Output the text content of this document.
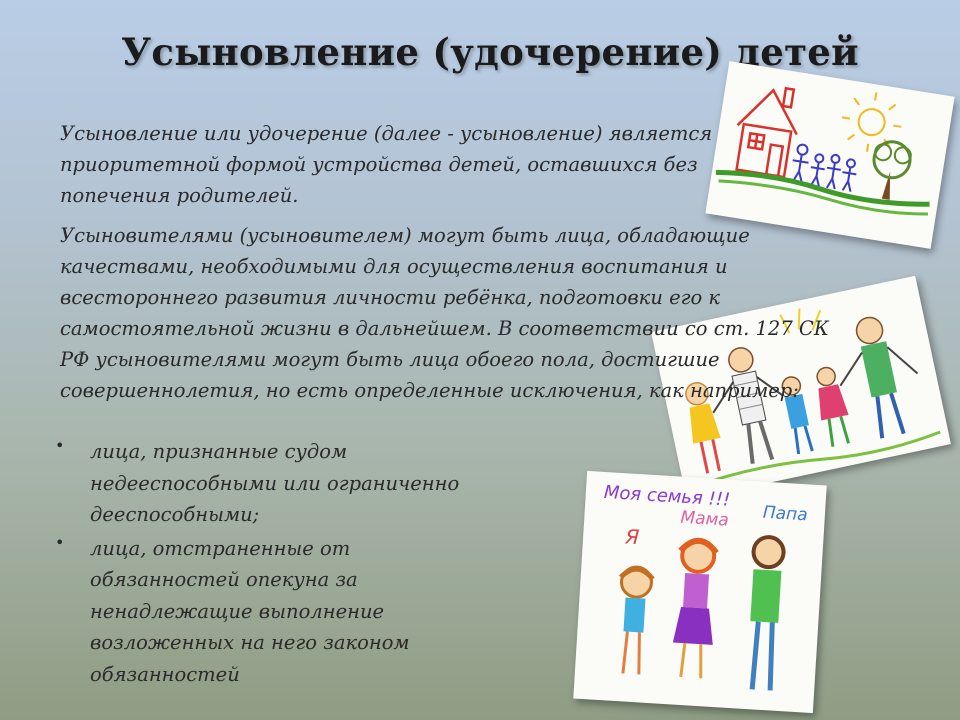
Усыновление (удочерение) детей
Моя семья !!!
Я
Мама Папа

Усыновление или удочерение (далее - усыновление) является приоритетной формой устройства детей, оставшихся без попечения родителей.

Усыновителями (усыновителем) могут быть лица, обладающие качествами, необходимыми для осуществления воспитания и всестороннего развития личности ребёнка, подготовки его к самостоятельной жизни в дальнейшем. В соответствии со ст. 127 СК РФ усыновителями могут быть лица обоего пола, достигшие совершеннолетия, но есть определенные исключения, как например:

• лица, признанные судом недееспособными или ограниченно дееспособными;
• лица, отстраненные от обязанностей опекуна за ненадлежащие выполнение возложенных на него законом обязанностей
